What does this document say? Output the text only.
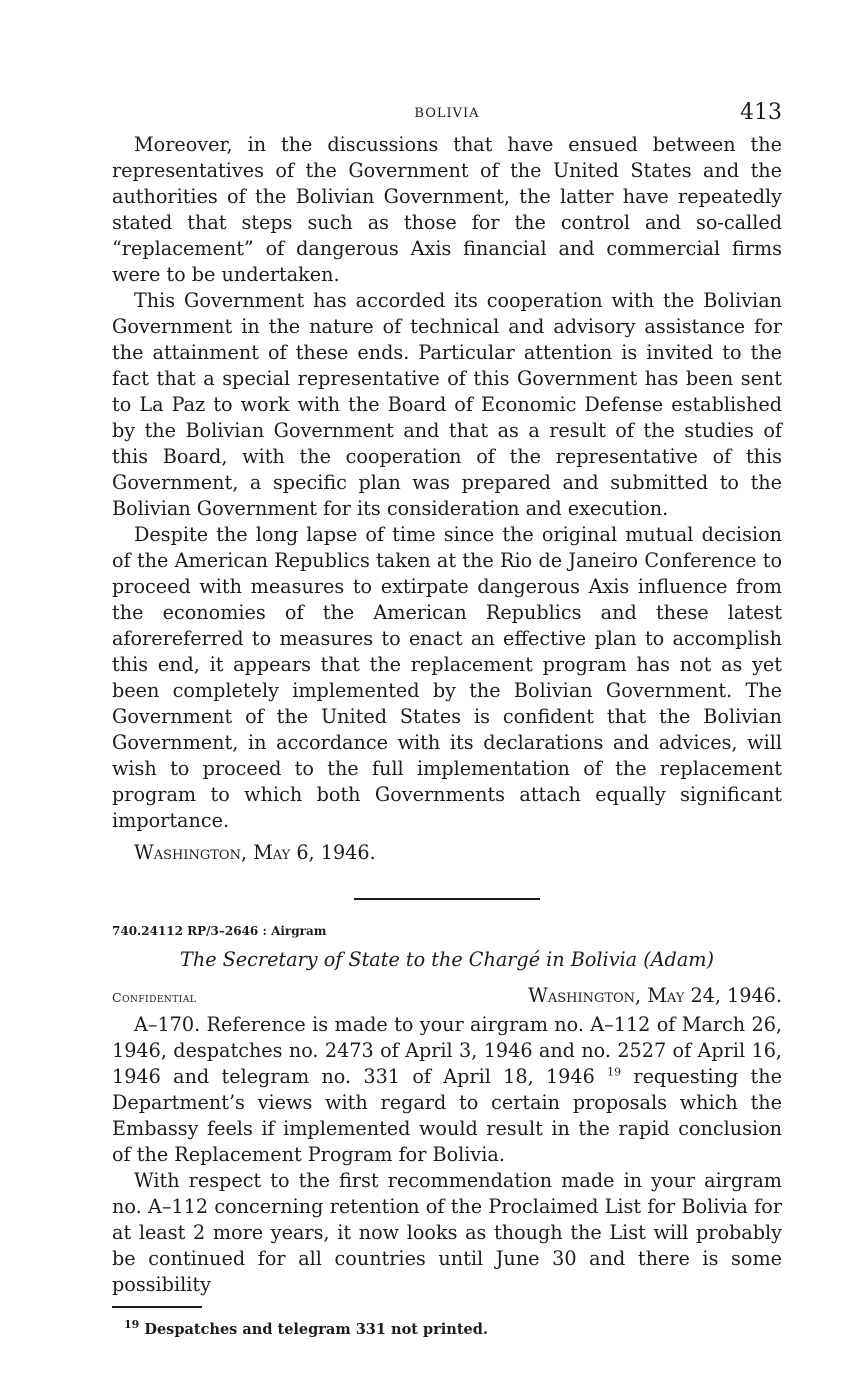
BOLIVIA	413

Moreover, in the discussions that have ensued between the representatives of the Government of the United States and the authorities of the Bolivian Government, the latter have repeatedly stated that steps such as those for the control and so-called “replacement” of dangerous Axis financial and commercial firms were to be undertaken.

This Government has accorded its cooperation with the Bolivian Government in the nature of technical and advisory assistance for the attainment of these ends. Particular attention is invited to the fact that a special representative of this Government has been sent to La Paz to work with the Board of Economic Defense established by the Bolivian Government and that as a result of the studies of this Board, with the cooperation of the representative of this Government, a specific plan was prepared and submitted to the Bolivian Government for its consideration and execution.

Despite the long lapse of time since the original mutual decision of the American Republics taken at the Rio de Janeiro Conference to proceed with measures to extirpate dangerous Axis influence from the economies of the American Republics and these latest aforereferred to measures to enact an effective plan to accomplish this end, it appears that the replacement program has not as yet been completely implemented by the Bolivian Government. The Government of the United States is confident that the Bolivian Government, in accordance with its declarations and advices, will wish to proceed to the full implementation of the replacement program to which both Governments attach equally significant importance.

Washington, May 6, 1946.
740.24112 RP/3–2646 : Airgram
The Secretary of State to the Chargé in Bolivia (Adam)
Confidential	Washington, May 24, 1946.

A–170. Reference is made to your airgram no. A–112 of March 26, 1946, despatches no. 2473 of April 3, 1946 and no. 2527 of April 16, 1946 and telegram no. 331 of April 18, 1946 $^{19}$ requesting the Department’s views with regard to certain proposals which the Embassy feels if implemented would result in the rapid conclusion of the Replacement Program for Bolivia.

With respect to the first recommendation made in your airgram no. A–112 concerning retention of the Proclaimed List for Bolivia for at least 2 more years, it now looks as though the List will probably be continued for all countries until June 30 and there is some possibility

$^{19}$ Despatches and telegram 331 not printed.
